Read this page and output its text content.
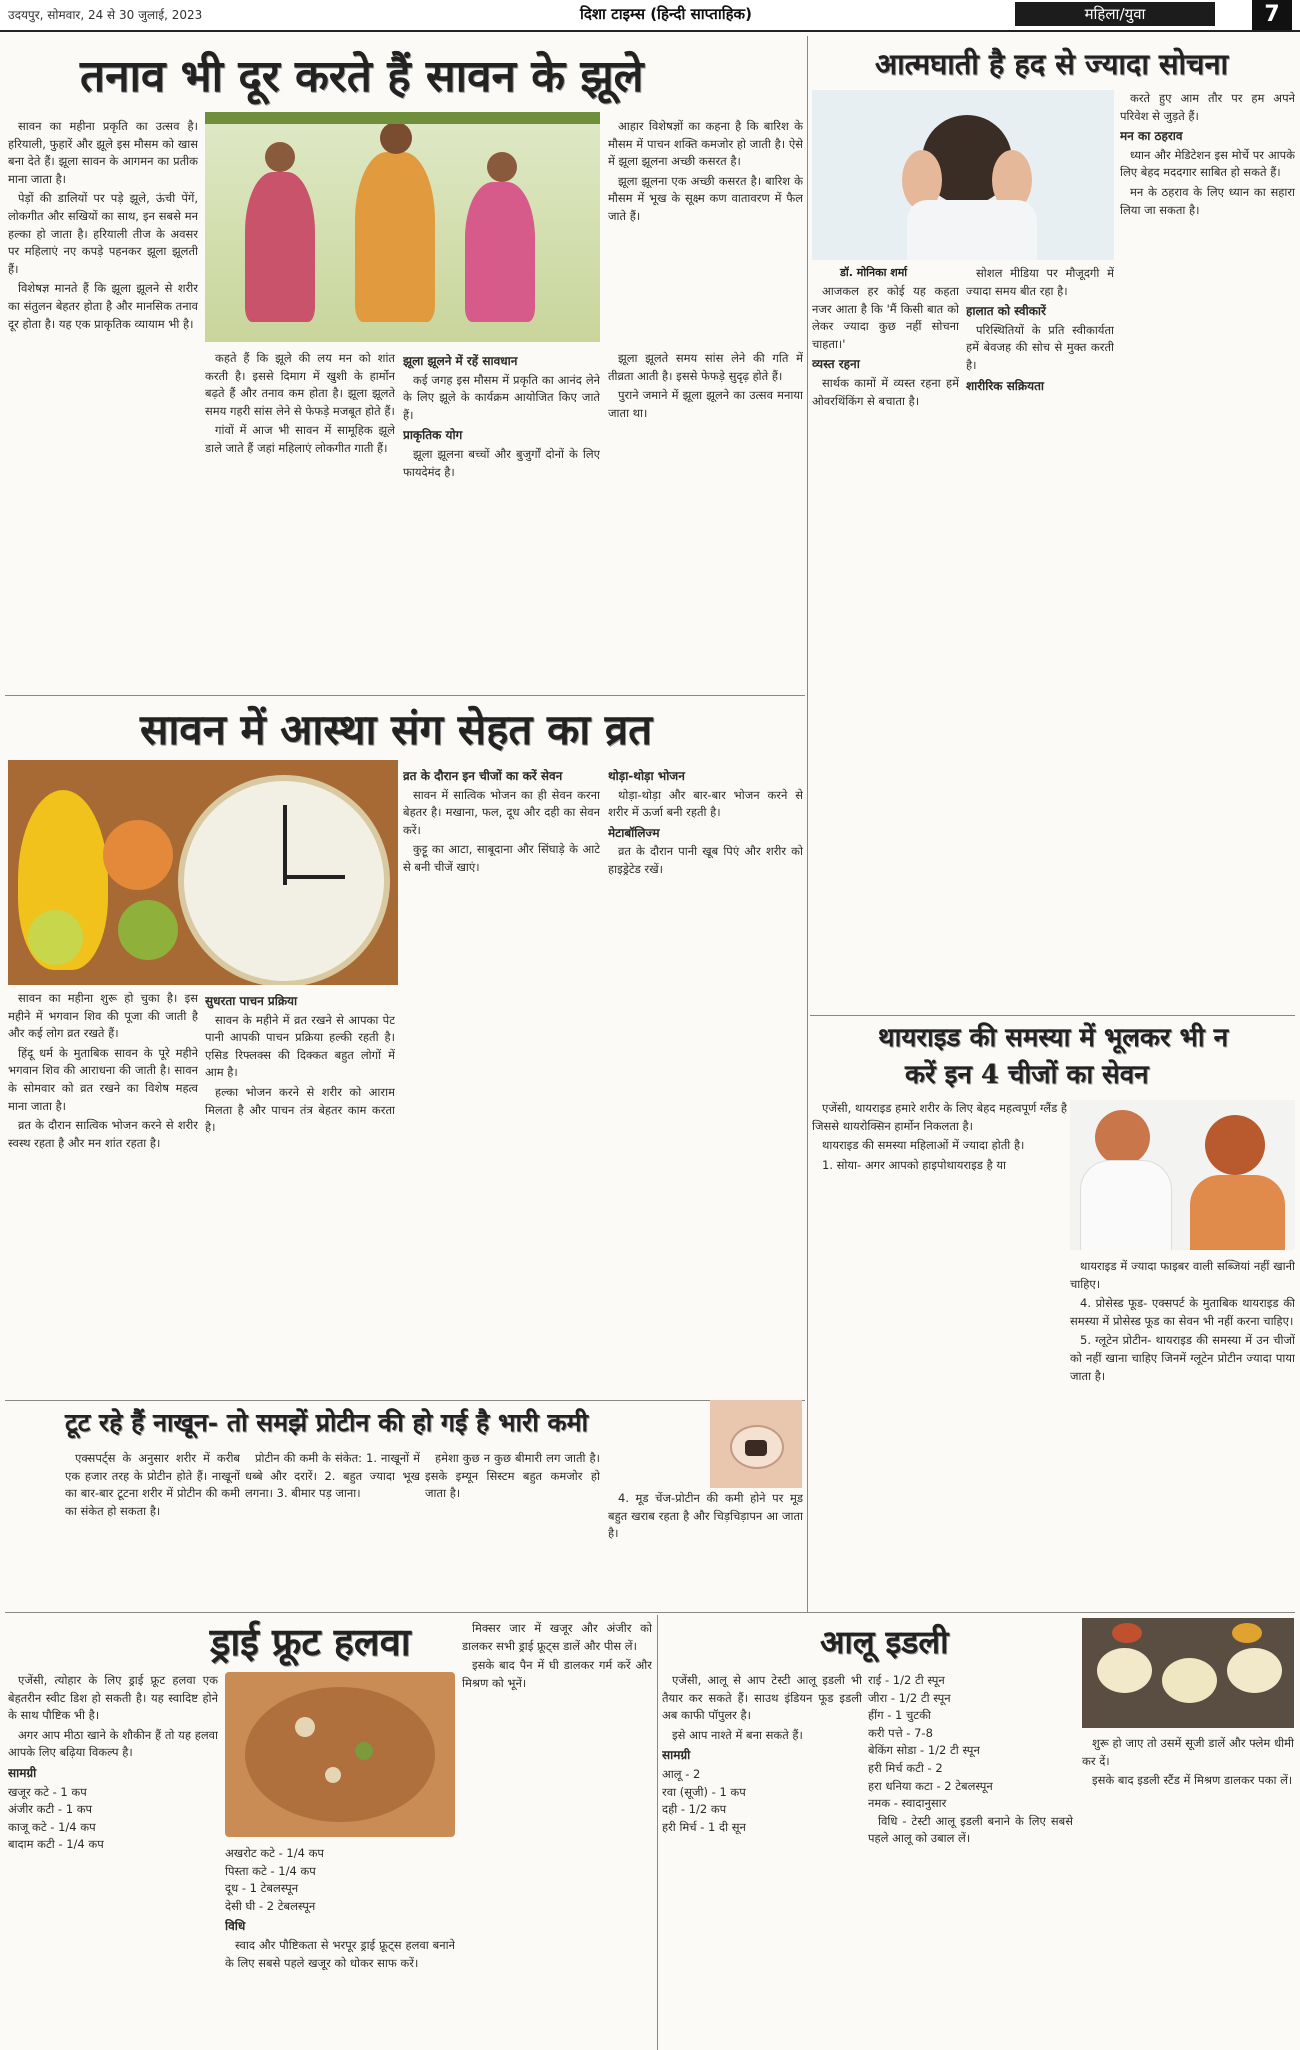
उदयपुर, सोमवार, 24 से 30 जुलाई, 2023	दिशा टाइम्स (हिन्दी साप्ताहिक)	महिला/युवा	7
तनाव भी दूर करते हैं सावन के झूले

सावन का महीना प्रकृति का उत्सव है। हरियाली, फुहारें और झूले इस मौसम को खास बना देते हैं। झूला सावन के आगमन का प्रतीक माना जाता है।

पेड़ों की डालियों पर पड़े झूले, ऊंची पेंगें, लोकगीत और सखियों का साथ, इन सबसे मन हल्का हो जाता है। हरियाली तीज के अवसर पर महिलाएं नए कपड़े पहनकर झूला झूलती हैं।

विशेषज्ञ मानते हैं कि झूला झूलने से शरीर का संतुलन बेहतर होता है और मानसिक तनाव दूर होता है। यह एक प्राकृतिक व्यायाम भी है।

कहते हैं कि झूले की लय मन को शांत करती है। इससे दिमाग में खुशी के हार्मोन बढ़ते हैं और तनाव कम होता है। झूला झूलते समय गहरी सांस लेने से फेफड़े मजबूत होते हैं।

गांवों में आज भी सावन में सामूहिक झूले डाले जाते हैं जहां महिलाएं लोकगीत गाती हैं।

झूला झूलने में रहें सावधान

कई जगह इस मौसम में प्रकृति का आनंद लेने के लिए झूले के कार्यक्रम आयोजित किए जाते हैं।

प्राकृतिक योग

झूला झूलना बच्चों और बुजुर्गों दोनों के लिए फायदेमंद है।

आहार विशेषज्ञों का कहना है कि बारिश के मौसम में पाचन शक्ति कमजोर हो जाती है। ऐसे में झूला झूलना अच्छी कसरत है।

झूला झूलना एक अच्छी कसरत है। बारिश के मौसम में भूख के सूक्ष्म कण वातावरण में फैल जाते हैं।

झूला झूलते समय सांस लेने की गति में तीव्रता आती है। इससे फेफड़े सुदृढ़ होते हैं।

पुराने जमाने में झूला झूलने का उत्सव मनाया जाता था।

सावन में आस्था संग सेहत का व्रत

सावन का महीना शुरू हो चुका है। इस महीने में भगवान शिव की पूजा की जाती है और कई लोग व्रत रखते हैं।

हिंदू धर्म के मुताबिक सावन के पूरे महीने भगवान शिव की आराधना की जाती है। सावन के सोमवार को व्रत रखने का विशेष महत्व माना जाता है।

व्रत के दौरान सात्विक भोजन करने से शरीर स्वस्थ रहता है और मन शांत रहता है।

सुधरता पाचन प्रक्रिया

सावन के महीने में व्रत रखने से आपका पेट पानी आपकी पाचन प्रक्रिया हल्की रहती है। एसिड रिफ्लक्स की दिक्कत बहुत लोगों में आम है।

हल्का भोजन करने से शरीर को आराम मिलता है और पाचन तंत्र बेहतर काम करता है।

व्रत के दौरान इन चीजों का करें सेवन

सावन में सात्विक भोजन का ही सेवन करना बेहतर है। मखाना, फल, दूध और दही का सेवन करें।

कुट्टू का आटा, साबूदाना और सिंघाड़े के आटे से बनी चीजें खाएं।

थोड़ा-थोड़ा भोजन

थोड़ा-थोड़ा और बार-बार भोजन करने से शरीर में ऊर्जा बनी रहती है।

मेटाबॉलिज्म

व्रत के दौरान पानी खूब पिएं और शरीर को हाइड्रेटेड रखें।

टूट रहे हैं नाखून- तो समझें प्रोटीन की हो गई है भारी कमी

एक्सपर्ट्स के अनुसार शरीर में करीब एक हजार तरह के प्रोटीन होते हैं। नाखूनों का बार-बार टूटना शरीर में प्रोटीन की कमी का संकेत हो सकता है।

प्रोटीन की कमी के संकेत: 1. नाखूनों में धब्बे और दरारें। 2. बहुत ज्यादा भूख लगना। 3. बीमार पड़ जाना।

हमेशा कुछ न कुछ बीमारी लग जाती है। इसके इम्यून सिस्टम बहुत कमजोर हो जाता है।	4. मूड चेंज-प्रोटीन की कमी होने पर मूड बहुत खराब रहता है और चिड़चिड़ापन आ जाता है।

ड्राई फ्रूट हलवा

एजेंसी, त्योहार के लिए ड्राई फ्रूट हलवा एक बेहतरीन स्वीट डिश हो सकती है। यह स्वादिष्ट होने के साथ पौष्टिक भी है।

अगर आप मीठा खाने के शौकीन हैं तो यह हलवा आपके लिए बढ़िया विकल्प है।

सामग्री
खजूर कटे - 1 कप
अंजीर कटी - 1 कप
काजू कटे - 1/4 कप
बादाम कटी - 1/4 कप
अखरोट कटे - 1/4 कप
पिस्ता कटे - 1/4 कप
दूध - 1 टेबलस्पून
देसी घी - 2 टेबलस्पून
विधि

स्वाद और पौष्टिकता से भरपूर ड्राई फ्रूट्स हलवा बनाने के लिए सबसे पहले खजूर को धोकर साफ करें।

मिक्सर जार में खजूर और अंजीर को डालकर सभी ड्राई फ्रूट्स डालें और पीस लें।

इसके बाद पैन में घी डालकर गर्म करें और मिश्रण को भूनें।

आलू इडली

एजेंसी, आलू से आप टेस्टी आलू इडली भी तैयार कर सकते हैं। साउथ इंडियन फूड इडली अब काफी पॉपुलर है।

इसे आप नाश्ते में बना सकते हैं।

सामग्री
आलू - 2
रवा (सूजी) - 1 कप
दही - 1/2 कप
हरी मिर्च - 1 दी सून
राई - 1/2 टी स्पून
जीरा - 1/2 टी स्पून
हींग - 1 चुटकी
करी पत्ते - 7-8
बेकिंग सोडा - 1/2 टी स्पून
हरी मिर्च कटी - 2
हरा धनिया कटा - 2 टेबलस्पून
नमक - स्वादानुसार

विधि - टेस्टी आलू इडली बनाने के लिए सबसे पहले आलू को उबाल लें।

शुरू हो जाए तो उसमें सूजी डालें और फ्लेम धीमी कर दें।

इसके बाद इडली स्टैंड में मिश्रण डालकर पका लें।

आत्मघाती है हद से ज्यादा सोचना

करते हुए आम तौर पर हम अपने परिवेश से जुड़ते हैं।

मन का ठहराव

ध्यान और मेडिटेशन इस मोर्चे पर आपके लिए बेहद मददगार साबित हो सकते हैं।

मन के ठहराव के लिए ध्यान का सहारा लिया जा सकता है।

डॉ. मोनिका शर्मा

आजकल हर कोई यह कहता नजर आता है कि 'मैं किसी बात को लेकर ज्यादा कुछ नहीं सोचना चाहता।'

व्यस्त रहना

सार्थक कामों में व्यस्त रहना हमें ओवरथिंकिंग से बचाता है।

सोशल मीडिया पर मौजूदगी में ज्यादा समय बीत रहा है।

हालात को स्वीकारें

परिस्थितियों के प्रति स्वीकार्यता हमें बेवजह की सोच से मुक्त करती है।

शारीरिक सक्रियता
थायराइड की समस्या में भूलकर भी न
करें इन 4 चीजों का सेवन

एजेंसी, थायराइड हमारे शरीर के लिए बेहद महत्वपूर्ण ग्लैंड है जिससे थायरोक्सिन हार्मोन निकलता है।

थायराइड की समस्या महिलाओं में ज्यादा होती है।

1. सोया- अगर आपको हाइपोथायराइड है या

थायराइड में ज्यादा फाइबर वाली सब्जियां नहीं खानी चाहिए।

4. प्रोसेस्ड फूड- एक्सपर्ट के मुताबिक थायराइड की समस्या में प्रोसेस्ड फूड का सेवन भी नहीं करना चाहिए।

5. ग्लूटेन प्रोटीन- थायराइड की समस्या में उन चीजों को नहीं खाना चाहिए जिनमें ग्लूटेन प्रोटीन ज्यादा पाया जाता है।
